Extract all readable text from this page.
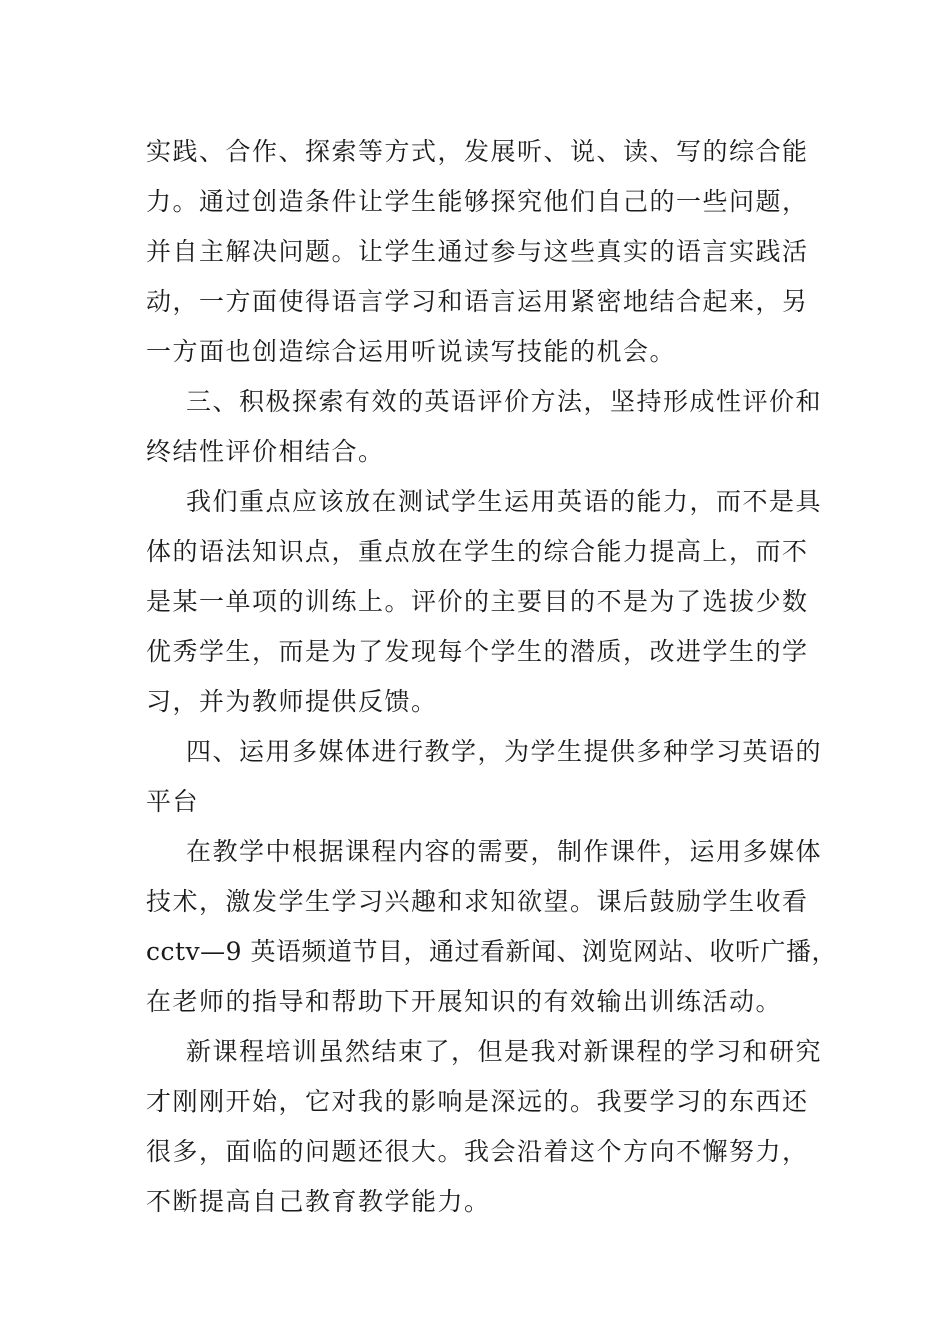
实践、合作、探索等方式，发展听、说、读、写的综合能
力。通过创造条件让学生能够探究他们自己的一些问题，
并自主解决问题。让学生通过参与这些真实的语言实践活
动，一方面使得语言学习和语言运用紧密地结合起来，另
一方面也创造综合运用听说读写技能的机会。
三、积极探索有效的英语评价方法，坚持形成性评价和
终结性评价相结合。
我们重点应该放在测试学生运用英语的能力，而不是具
体的语法知识点，重点放在学生的综合能力提高上，而不
是某一单项的训练上。评价的主要目的不是为了选拔少数
优秀学生，而是为了发现每个学生的潜质，改进学生的学
习，并为教师提供反馈。
四、运用多媒体进行教学，为学生提供多种学习英语的
平台
在教学中根据课程内容的需要，制作课件，运用多媒体
技术，激发学生学习兴趣和求知欲望。课后鼓励学生收看
cctv—9 英语频道节目，通过看新闻、浏览网站、收听广播，
在老师的指导和帮助下开展知识的有效输出训练活动。
新课程培训虽然结束了，但是我对新课程的学习和研究
才刚刚开始，它对我的影响是深远的。我要学习的东西还
很多，面临的问题还很大。我会沿着这个方向不懈努力，
不断提高自己教育教学能力。
